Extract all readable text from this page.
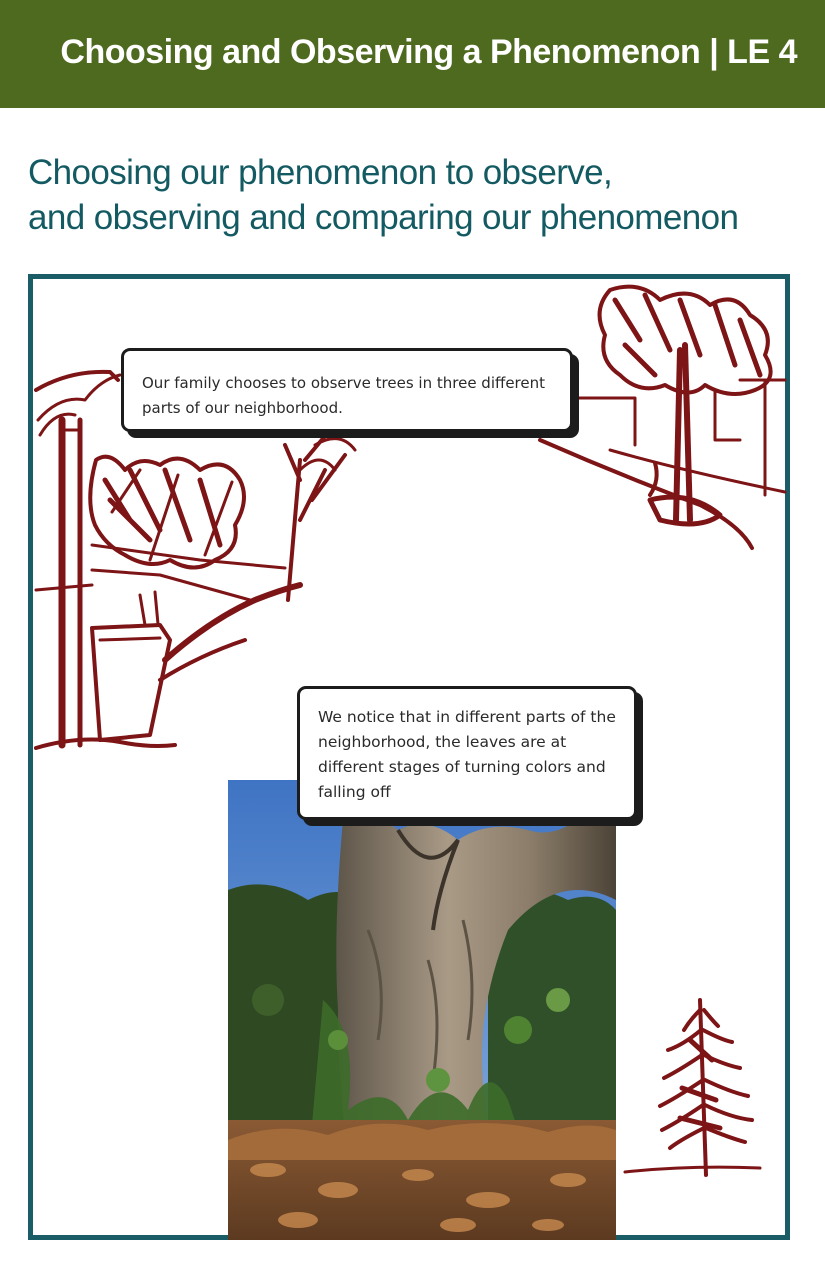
Choosing and Observing a Phenomenon | LE 4
Choosing our phenomenon to observe,
and observing and comparing our phenomenon
Our family chooses to observe trees in three different parts of our neighborhood.
We notice that in different parts of the neighborhood, the leaves are at different stages of turning colors and falling off
